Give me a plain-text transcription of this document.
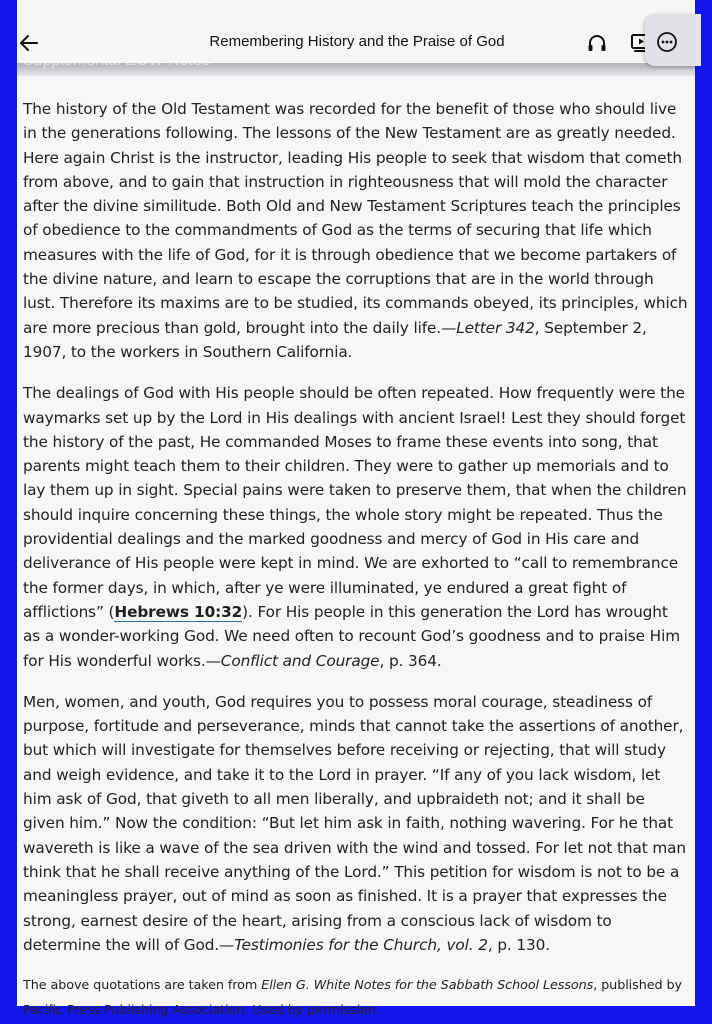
Remembering History and the Praise of God

The history of the Old Testament was recorded for the benefit of those who should live in the generations following. The lessons of the New Testament are as greatly needed. Here again Christ is the instructor, leading His people to seek that wisdom that cometh from above, and to gain that instruction in righteousness that will mold the character after the divine similitude. Both Old and New Testament Scriptures teach the principles of obedience to the commandments of God as the terms of securing that life which measures with the life of God, for it is through obedience that we become partakers of the divine nature, and learn to escape the corruptions that are in the world through lust. Therefore its maxims are to be studied, its commands obeyed, its principles, which are more precious than gold, brought into the daily life.—Letter 342, September 2, 1907, to the workers in Southern California.

The dealings of God with His people should be often repeated. How frequently were the waymarks set up by the Lord in His dealings with ancient Israel! Lest they should forget the history of the past, He commanded Moses to frame these events into song, that parents might teach them to their children. They were to gather up memorials and to lay them up in sight. Special pains were taken to preserve them, that when the children should inquire concerning these things, the whole story might be repeated. Thus the providential dealings and the marked goodness and mercy of God in His care and deliverance of His people were kept in mind. We are exhorted to “call to remembrance the former days, in which, after ye were illuminated, ye endured a great fight of afflictions” (Hebrews 10:32). For His people in this generation the Lord has wrought as a wonder-working God. We need often to recount God’s goodness and to praise Him for His wonderful works.—Conflict and Courage, p. 364.

Men, women, and youth, God requires you to possess moral courage, steadiness of purpose, fortitude and perseverance, minds that cannot take the assertions of another, but which will investigate for themselves before receiving or rejecting, that will study and weigh evidence, and take it to the Lord in prayer. “If any of you lack wisdom, let him ask of God, that giveth to all men liberally, and upbraideth not; and it shall be given him.” Now the condition: “But let him ask in faith, nothing wavering. For he that wavereth is like a wave of the sea driven with the wind and tossed. For let not that man think that he shall receive anything of the Lord.” This petition for wisdom is not to be a meaningless prayer, out of mind as soon as finished. It is a prayer that expresses the strong, earnest desire of the heart, arising from a conscious lack of wisdom to determine the will of God.—Testimonies for the Church, vol. 2, p. 130.

The above quotations are taken from Ellen G. White Notes for the Sabbath School Lessons, published by Pacific Press Publishing Association. Used by permission.
